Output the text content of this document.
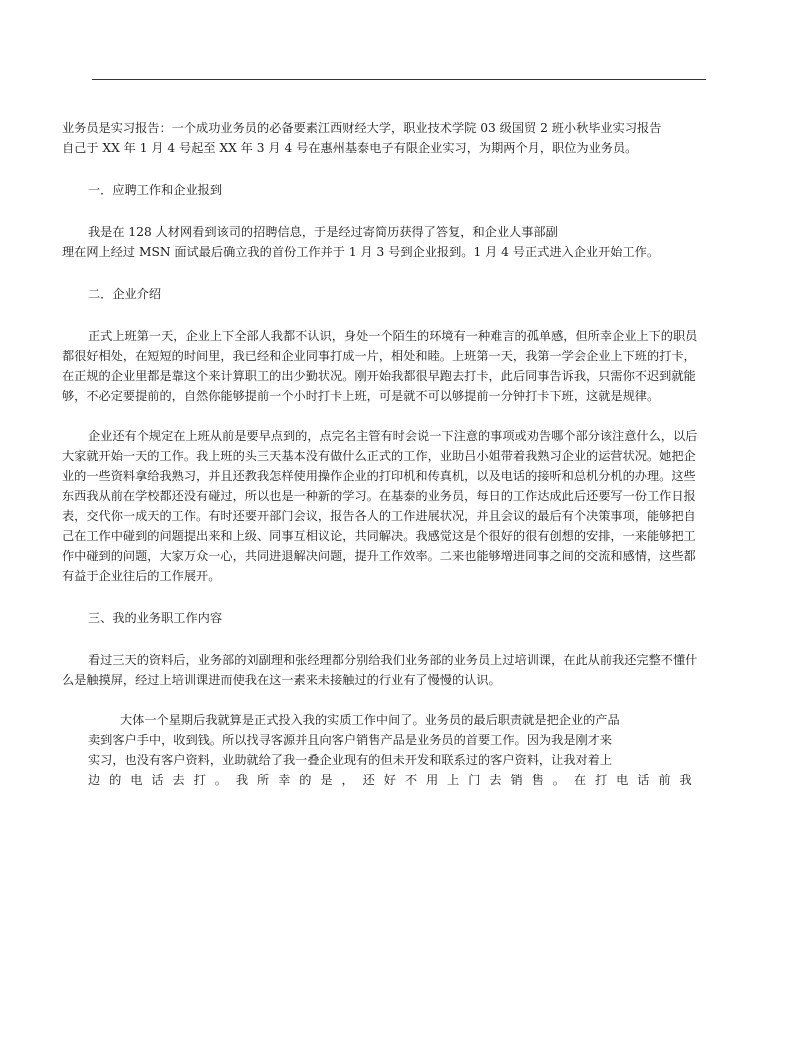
业务员是实习报告：一个成功业务员的必备要素江西财经大学，职业技术学院 03 级国贸 2 班小秋毕业实习报告
自己于 XX 年 1 月 4 号起至 XX 年 3 月 4 号在惠州基泰电子有限企业实习，为期两个月，职位为业务员。
一．应聘工作和企业报到
我是在 128 人材网看到该司的招聘信息，于是经过寄简历获得了答复，和企业人事部副
理在网上经过 MSN 面试最后确立我的首份工作并于 1 月 3 号到企业报到。1 月 4 号正式进入企业开始工作。
二．企业介绍
正式上班第一天，企业上下全部人我都不认识，身处一个陌生的环境有一种难言的孤单感，但所幸企业上下的职员
都很好相处，在短短的时间里，我已经和企业同事打成一片，相处和睦。上班第一天，我第一学会企业上下班的打卡，
在正规的企业里都是靠这个来计算职工的出少勤状况。刚开始我都很早跑去打卡，此后同事告诉我，只需你不迟到就能
够，不必定要提前的，自然你能够提前一个小时打卡上班，可是就不可以够提前一分钟打卡下班，这就是规律。
企业还有个规定在上班从前是要早点到的，点完名主管有时会说一下注意的事项或劝告哪个部分该注意什么，以后
大家就开始一天的工作。我上班的头三天基本没有做什么正式的工作，业助吕小姐带着我熟习企业的运营状况。她把企
业的一些资料拿给我熟习，并且还教我怎样使用操作企业的打印机和传真机，以及电话的接听和总机分机的办理。这些
东西我从前在学校都还没有碰过，所以也是一种新的学习。在基泰的业务员，每日的工作达成此后还要写一份工作日报
表，交代你一成天的工作。有时还要开部门会议，报告各人的工作进展状况，并且会议的最后有个决策事项，能够把自
己在工作中碰到的问题提出来和上级、同事互相议论，共同解决。我感觉这是个很好的很有创想的安排，一来能够把工
作中碰到的问题，大家万众一心，共同进退解决问题，提升工作效率。二来也能够增进同事之间的交流和感情，这些都
有益于企业往后的工作展开。
三、我的业务职工作内容
看过三天的资料后，业务部的刘副理和张经理都分别给我们业务部的业务员上过培训课，在此从前我还完整不懂什
么是触摸屏，经过上培训课进而使我在这一素来未接触过的行业有了慢慢的认识。
大体一个星期后我就算是正式投入我的实质工作中间了。业务员的最后职责就是把企业的产品
卖到客户手中，收到钱。所以找寻客源并且向客户销售产品是业务员的首要工作。因为我是刚才来
实习，也没有客户资料，业助就给了我一叠企业现有的但未开发和联系过的客户资料，让我对着上
边 的 电 话 去 打 。 我 所 幸 的 是 ， 还 好 不 用 上 门 去 销 售 。 在 打 电 话 前 我
